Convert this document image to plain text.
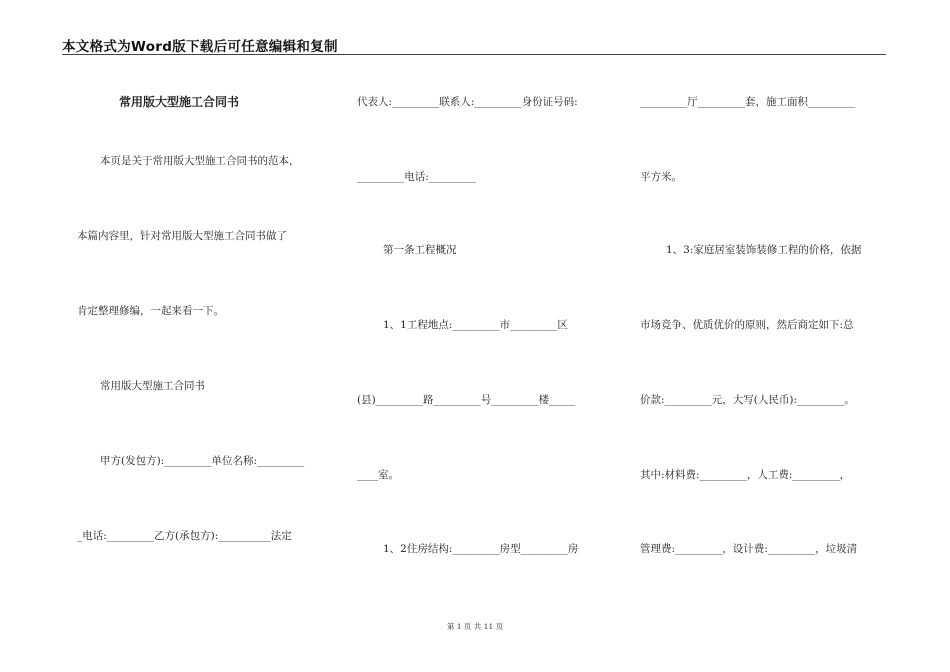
本文格式为Word版下载后可任意编辑和复制
常用版大型施工合同书
本页是关于常用版大型施工合同书的范本，
本篇内容里，针对常用版大型施工合同书做了
肯定整理修编，一起来看一下。
常用版大型施工合同书
甲方(发包方):_________单位名称:_________
_电话:_________乙方(承包方):__________法定
代表人:_________联系人:_________身份证号码:
_________电话:_________
第一条工程概况
1、1工程地点:_________市_________区
(县)_________路_________号_________楼_____
____室。
1、2住房结构:_________房型_________房
_________厅_________套，施工面积_________
平方米。
1、3:家庭居室装饰装修工程的价格，依据
市场竞争、优质优价的原则，然后商定如下:总
价款:_________元，大写(人民币):_________。
其中:材料费:_________，人工费:_________，
管理费:_________，设计费:_________，垃圾清
第 1 页 共 11 页
